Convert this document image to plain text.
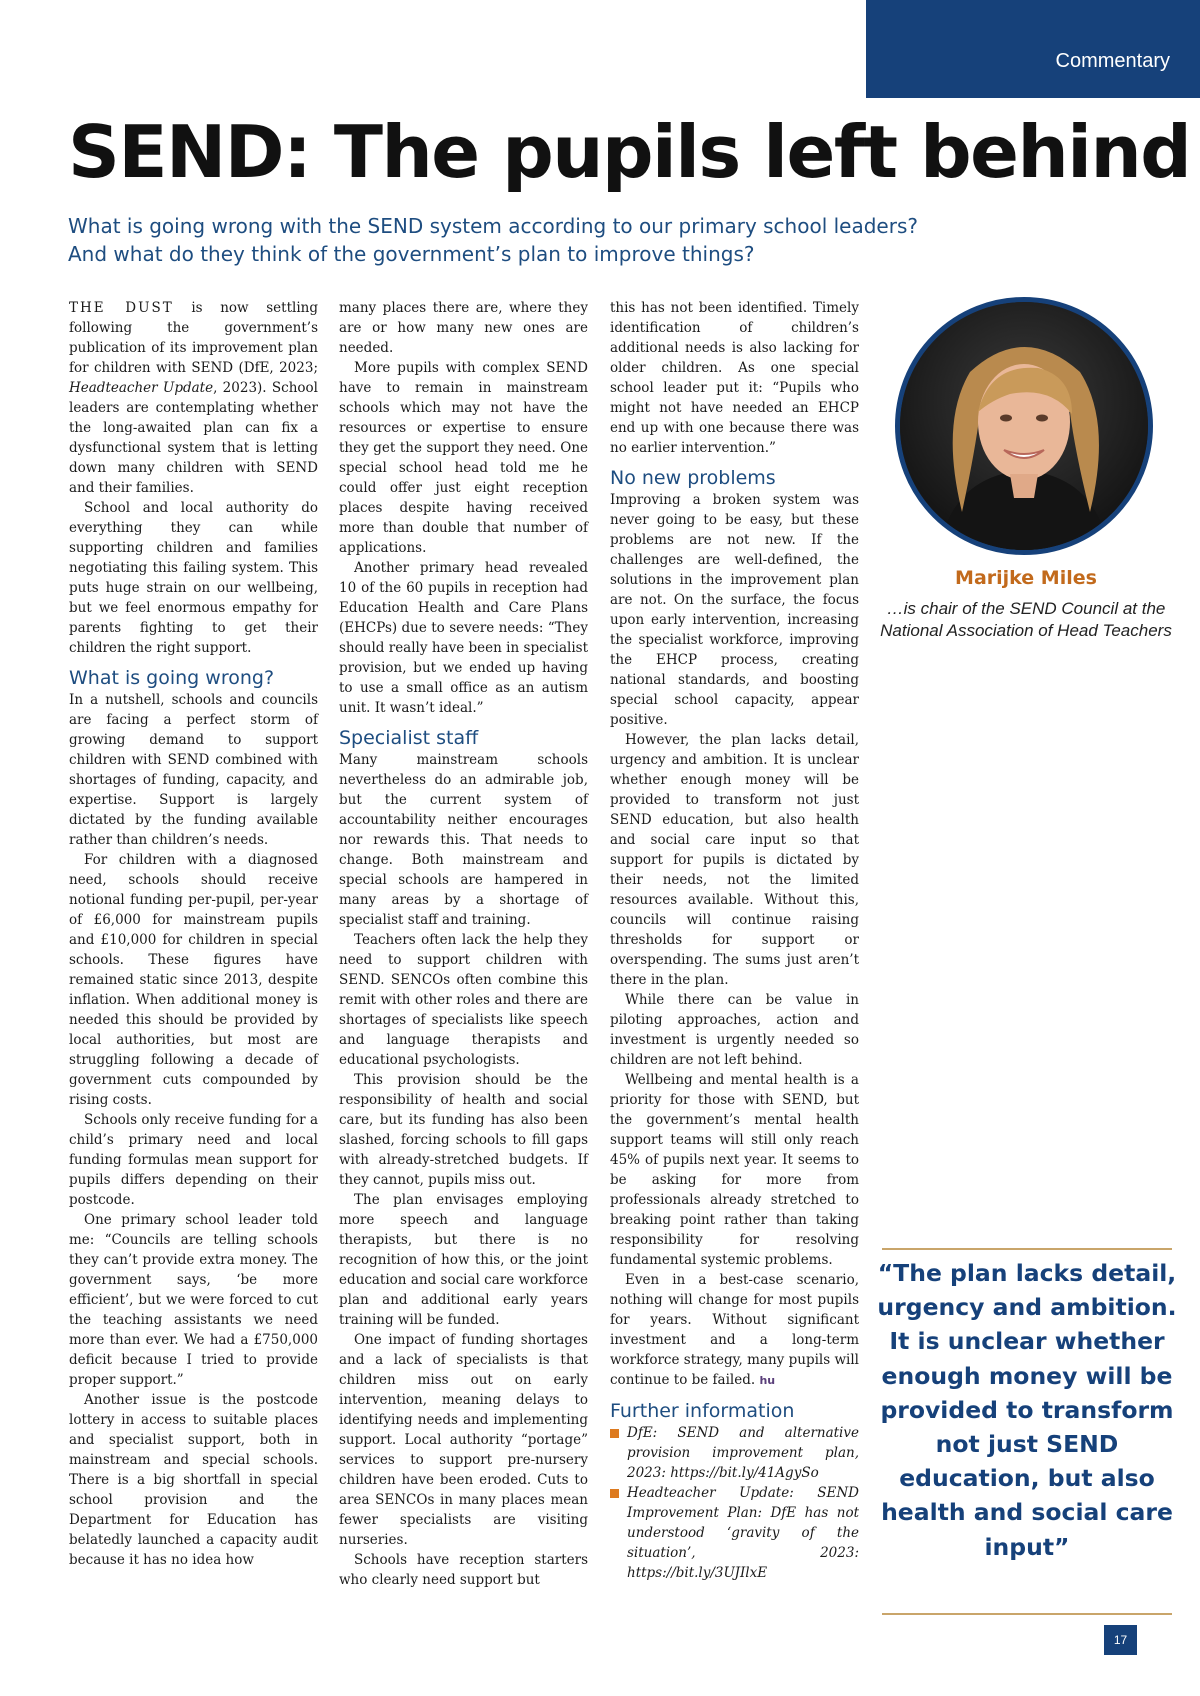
Commentary
SEND: The pupils left behind
What is going wrong with the SEND system according to our primary school leaders?
And what do they think of the government’s plan to improve things?

THE DUST is now settling following the government’s publication of its improvement plan for children with SEND (DfE, 2023; Headteacher Update, 2023). School leaders are contemplating whether the long-awaited plan can fix a dysfunctional system that is letting down many children with SEND and their families.

School and local authority do everything they can while supporting children and families negotiating this failing system. This puts huge strain on our wellbeing, but we feel enormous empathy for parents fighting to get their children the right support.

What is going wrong?

In a nutshell, schools and councils are facing a perfect storm of growing demand to support children with SEND combined with shortages of funding, capacity, and expertise. Support is largely dictated by the funding available rather than children’s needs.

For children with a diagnosed need, schools should receive notional funding per-pupil, per-year of £6,000 for mainstream pupils and £10,000 for children in special schools. These figures have remained static since 2013, despite inflation. When additional money is needed this should be provided by local authorities, but most are struggling following a decade of government cuts compounded by rising costs.

Schools only receive funding for a child’s primary need and local funding formulas mean support for pupils differs depending on their postcode.

One primary school leader told me: “Councils are telling schools they can’t provide extra money. The government says, ‘be more efficient’, but we were forced to cut the teaching assistants we need more than ever. We had a £750,000 deficit because I tried to provide proper support.”

Another issue is the postcode lottery in access to suitable places and specialist support, both in mainstream and special schools. There is a big shortfall in special school provision and the Department for Education has belatedly launched a capacity audit because it has no idea how

many places there are, where they are or how many new ones are needed.

More pupils with complex SEND have to remain in mainstream schools which may not have the resources or expertise to ensure they get the support they need. One special school head told me he could offer just eight reception places despite having received more than double that number of applications.

Another primary head revealed 10 of the 60 pupils in reception had Education Health and Care Plans (EHCPs) due to severe needs: “They should really have been in specialist provision, but we ended up having to use a small office as an autism unit. It wasn’t ideal.”

Specialist staff

Many mainstream schools nevertheless do an admirable job, but the current system of accountability neither encourages nor rewards this. That needs to change. Both mainstream and special schools are hampered in many areas by a shortage of specialist staff and training.

Teachers often lack the help they need to support children with SEND. SENCOs often combine this remit with other roles and there are shortages of specialists like speech and language therapists and educational psychologists.

This provision should be the responsibility of health and social care, but its funding has also been slashed, forcing schools to fill gaps with already-stretched budgets. If they cannot, pupils miss out.

The plan envisages employing more speech and language therapists, but there is no recognition of how this, or the joint education and social care workforce plan and additional early years training will be funded.

One impact of funding shortages and a lack of specialists is that children miss out on early intervention, meaning delays to identifying needs and implementing support. Local authority “portage” services to support pre-nursery children have been eroded. Cuts to area SENCOs in many places mean fewer specialists are visiting nurseries.

Schools have reception starters who clearly need support but

this has not been identified. Timely identification of children’s additional needs is also lacking for older children. As one special school leader put it: “Pupils who might not have needed an EHCP end up with one because there was no earlier intervention.”

No new problems

Improving a broken system was never going to be easy, but these problems are not new. If the challenges are well-defined, the solutions in the improvement plan are not. On the surface, the focus upon early intervention, increasing the specialist workforce, improving the EHCP process, creating national standards, and boosting special school capacity, appear positive.

However, the plan lacks detail, urgency and ambition. It is unclear whether enough money will be provided to transform not just SEND education, but also health and social care input so that support for pupils is dictated by their needs, not the limited resources available. Without this, councils will continue raising thresholds for support or overspending. The sums just aren’t there in the plan.

While there can be value in piloting approaches, action and investment is urgently needed so children are not left behind.

Wellbeing and mental health is a priority for those with SEND, but the government’s mental health support teams will still only reach 45% of pupils next year. It seems to be asking for more from professionals already stretched to breaking point rather than taking responsibility for resolving fundamental systemic problems.

Even in a best-case scenario, nothing will change for most pupils for years. Without significant investment and a long-term workforce strategy, many pupils will continue to be failed. hu

Further information
DfE: SEND and alternative provision improvement plan, 2023: https://bit.ly/41AgySo
Headteacher Update: SEND Improvement Plan: DfE has not understood ‘gravity of the situation’, 2023: https://bit.ly/3UJIlxE
Marijke Miles
…is chair of the SEND Council at the National Association of Head Teachers
“The plan lacks detail, urgency and ambition. It is unclear whether enough money will be provided to transform not just SEND education, but also health and social care input”
17
